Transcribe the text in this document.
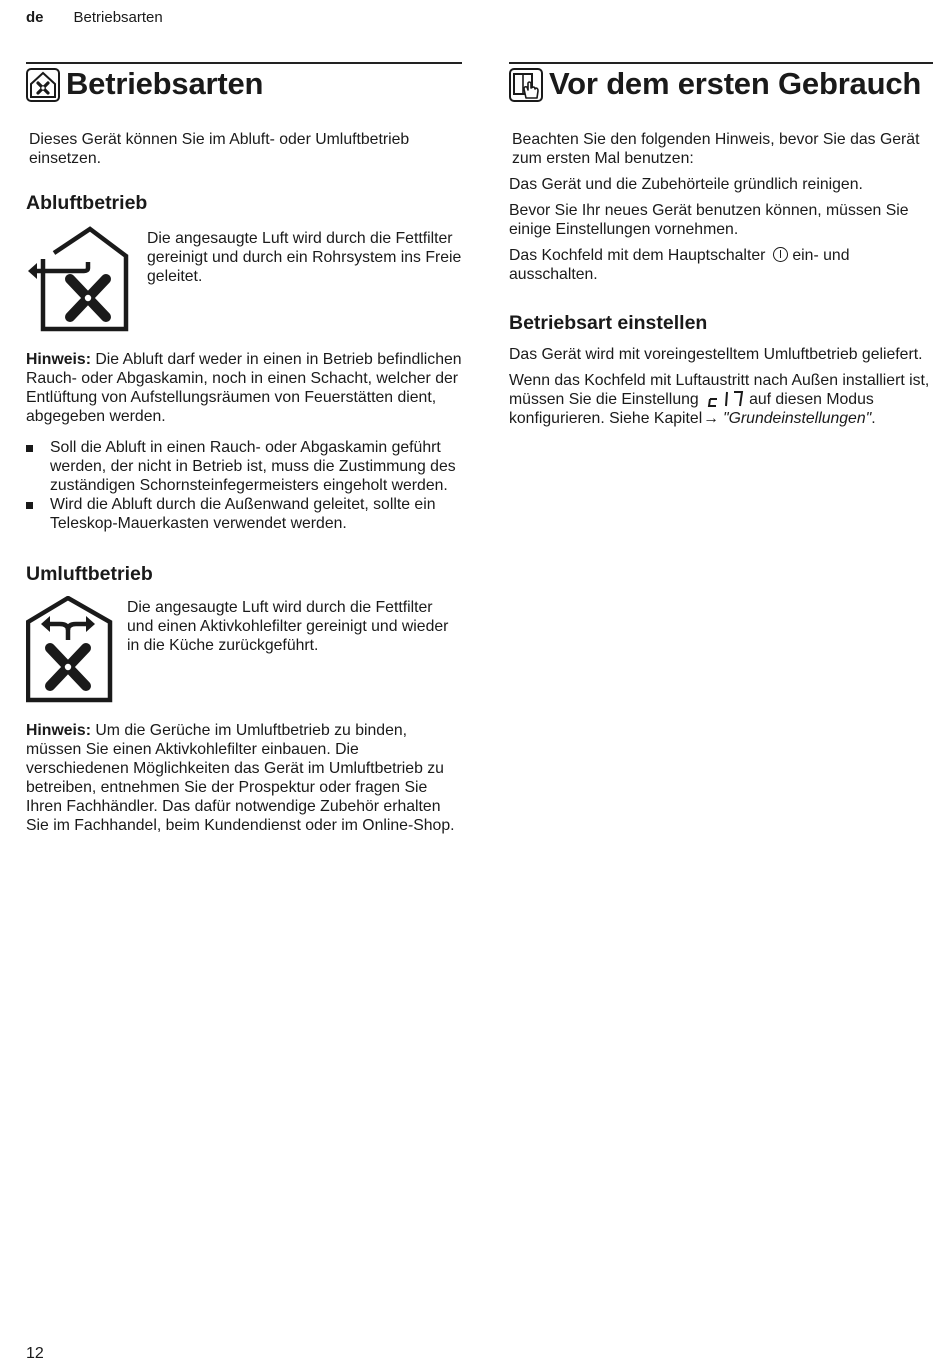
de Betriebsarten
Betriebsarten

Dieses Gerät können Sie im Abluft- oder Umluftbetrieb einsetzen.

Abluftbetrieb

Die angesaugte Luft wird durch die Fettfilter gereinigt und durch ein Rohrsystem ins Freie geleitet.

Hinweis: Die Abluft darf weder in einen in Betrieb befindlichen Rauch- oder Abgaskamin, noch in einen Schacht, welcher der Entlüftung von Aufstellungsräumen von Feuerstätten dient, abgegeben werden.

Soll die Abluft in einen Rauch- oder Abgaskamin geführt werden, der nicht in Betrieb ist, muss die Zustimmung des zuständigen Schornsteinfegermeisters eingeholt werden.
Wird die Abluft durch die Außenwand geleitet, sollte ein Teleskop-Mauerkasten verwendet werden.
Umluftbetrieb

Die angesaugte Luft wird durch die Fettfilter und einen Aktivkohlefilter gereinigt und wieder in die Küche zurückgeführt.

Hinweis: Um die Gerüche im Umluftbetrieb zu binden, müssen Sie einen Aktivkohlefilter einbauen. Die verschiedenen Möglichkeiten das Gerät im Umluftbetrieb zu betreiben, entnehmen Sie der Prospektur oder fragen Sie Ihren Fachhändler. Das dafür notwendige Zubehör erhalten Sie im Fachhandel, beim Kundendienst oder im Online-Shop.

Vor dem ersten Gebrauch

Beachten Sie den folgenden Hinweis, bevor Sie das Gerät zum ersten Mal benutzen:

Das Gerät und die Zubehörteile gründlich reinigen.

Bevor Sie Ihr neues Gerät benutzen können, müssen Sie einige Einstellungen vornehmen.

Das Kochfeld mit dem Hauptschalter ein- und ausschalten.

Betriebsart einstellen

Das Gerät wird mit voreingestelltem Umluftbetrieb geliefert.

Wenn das Kochfeld mit Luftaustritt nach Außen installiert ist, müssen Sie die Einstellung	auf diesen Modus konfigurieren. Siehe Kapitel→ "Grundeinstellungen".

12
